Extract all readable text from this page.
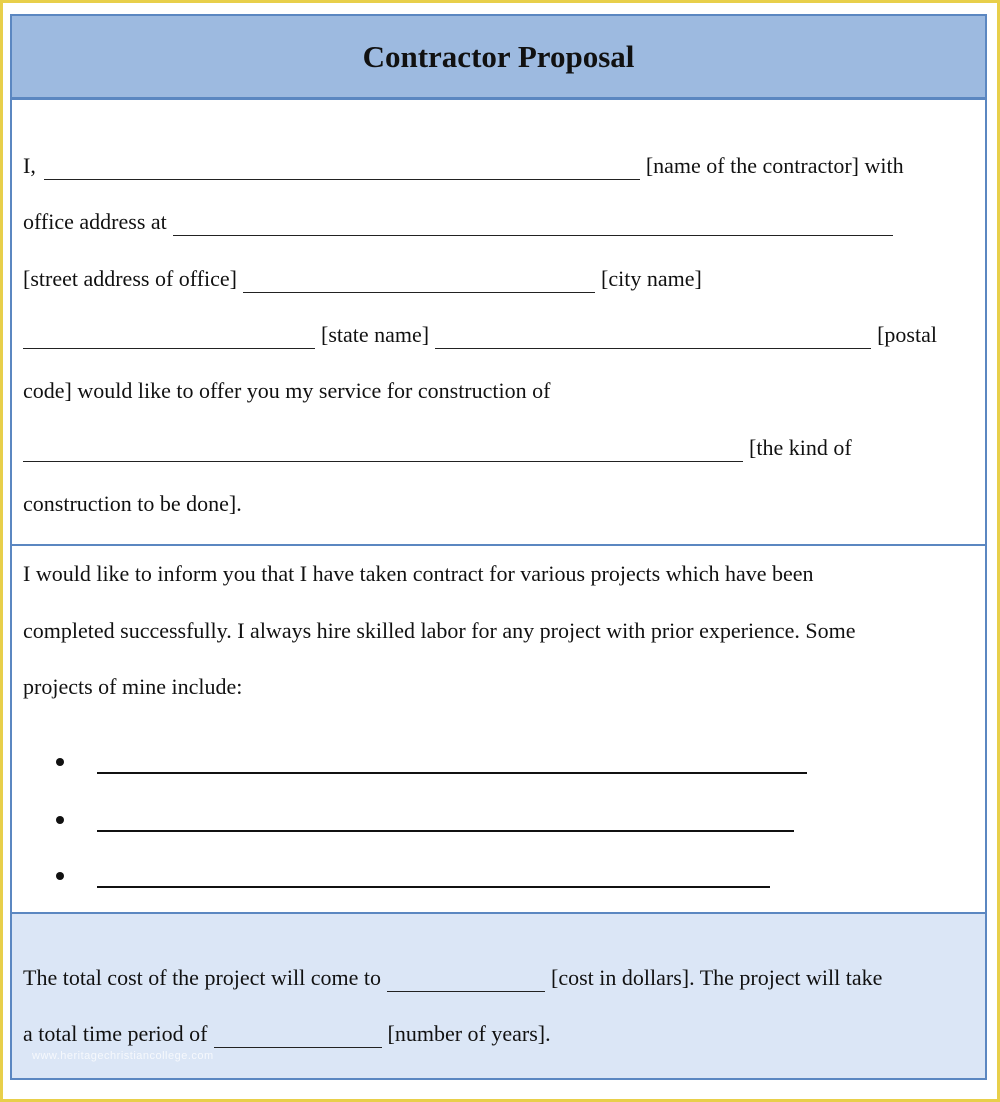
Contractor Proposal
I,	[name of the contractor] with
office address at
[street address of office]	[city name]
[state name]	[postal
code] would like to offer you my service for construction of
[the kind of
construction to be done].
I would like to inform you that I have taken contract for various projects which have been
completed successfully. I always hire skilled labor for any project with prior experience. Some
projects of mine include:
The total cost of the project will come to	[cost in dollars]. The project will take
a total time period of	[number of years].
www.heritagechristiancollege.com
